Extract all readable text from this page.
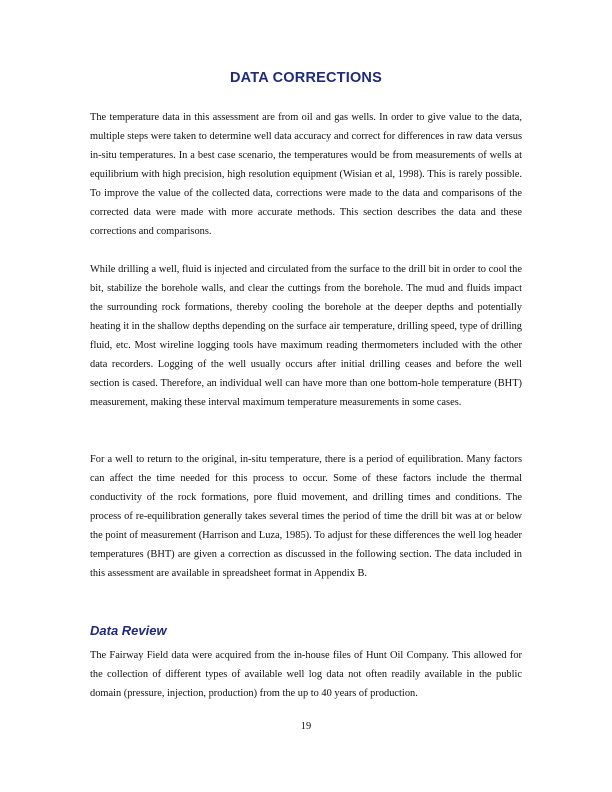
DATA CORRECTIONS

The temperature data in this assessment are from oil and gas wells. In order to give value to the data, multiple steps were taken to determine well data accuracy and correct for differences in raw data versus in-situ temperatures. In a best case scenario, the temperatures would be from measurements of wells at equilibrium with high precision, high resolution equipment (Wisian et al, 1998). This is rarely possible. To improve the value of the collected data, corrections were made to the data and comparisons of the corrected data were made with more accurate methods. This section describes the data and these corrections and comparisons.

While drilling a well, fluid is injected and circulated from the surface to the drill bit in order to cool the bit, stabilize the borehole walls, and clear the cuttings from the borehole. The mud and fluids impact the surrounding rock formations, thereby cooling the borehole at the deeper depths and potentially heating it in the shallow depths depending on the surface air temperature, drilling speed, type of drilling fluid, etc. Most wireline logging tools have maximum reading thermometers included with the other data recorders. Logging of the well usually occurs after initial drilling ceases and before the well section is cased. Therefore, an individual well can have more than one bottom-hole temperature (BHT) measurement, making these interval maximum temperature measurements in some cases.

For a well to return to the original, in-situ temperature, there is a period of equilibration. Many factors can affect the time needed for this process to occur. Some of these factors include the thermal conductivity of the rock formations, pore fluid movement, and drilling times and conditions. The process of re-equilibration generally takes several times the period of time the drill bit was at or below the point of measurement (Harrison and Luza, 1985). To adjust for these differences the well log header temperatures (BHT) are given a correction as discussed in the following section. The data included in this assessment are available in spreadsheet format in Appendix B.

Data Review

The Fairway Field data were acquired from the in-house files of Hunt Oil Company. This allowed for the collection of different types of available well log data not often readily available in the public domain (pressure, injection, production) from the up to 40 years of production.

19
